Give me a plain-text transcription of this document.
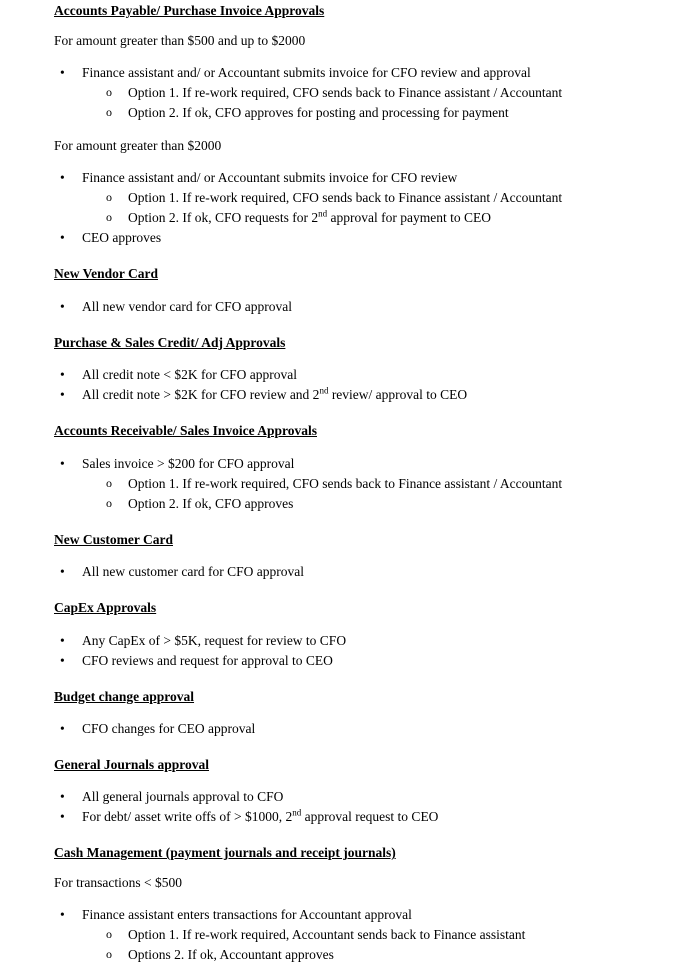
Accounts Payable/ Purchase Invoice Approvals
For amount greater than $500 and up to $2000
• Finance assistant and/ or Accountant submits invoice for CFO review and approval
o Option 1. If re-work required, CFO sends back to Finance assistant / Accountant
o Option 2. If ok, CFO approves for posting and processing for payment
For amount greater than $2000
• Finance assistant and/ or Accountant submits invoice for CFO review
o Option 1. If re-work required, CFO sends back to Finance assistant / Accountant
o Option 2. If ok, CFO requests for 2nd approval for payment to CEO
• CEO approves
New Vendor Card
• All new vendor card for CFO approval
Purchase & Sales Credit/ Adj Approvals
• All credit note < $2K for CFO approval
• All credit note > $2K for CFO review and 2nd review/ approval to CEO
Accounts Receivable/ Sales Invoice Approvals
• Sales invoice > $200 for CFO approval
o Option 1. If re-work required, CFO sends back to Finance assistant / Accountant
o Option 2. If ok, CFO approves
New Customer Card
• All new customer card for CFO approval
CapEx Approvals
• Any CapEx of > $5K, request for review to CFO
• CFO reviews and request for approval to CEO
Budget change approval
• CFO changes for CEO approval
General Journals approval
• All general journals approval to CFO
• For debt/ asset write offs of > $1000, 2nd approval request to CEO
Cash Management (payment journals and receipt journals)
For transactions < $500
• Finance assistant enters transactions for Accountant approval
o Option 1. If re-work required, Accountant sends back to Finance assistant
o Options 2. If ok, Accountant approves
